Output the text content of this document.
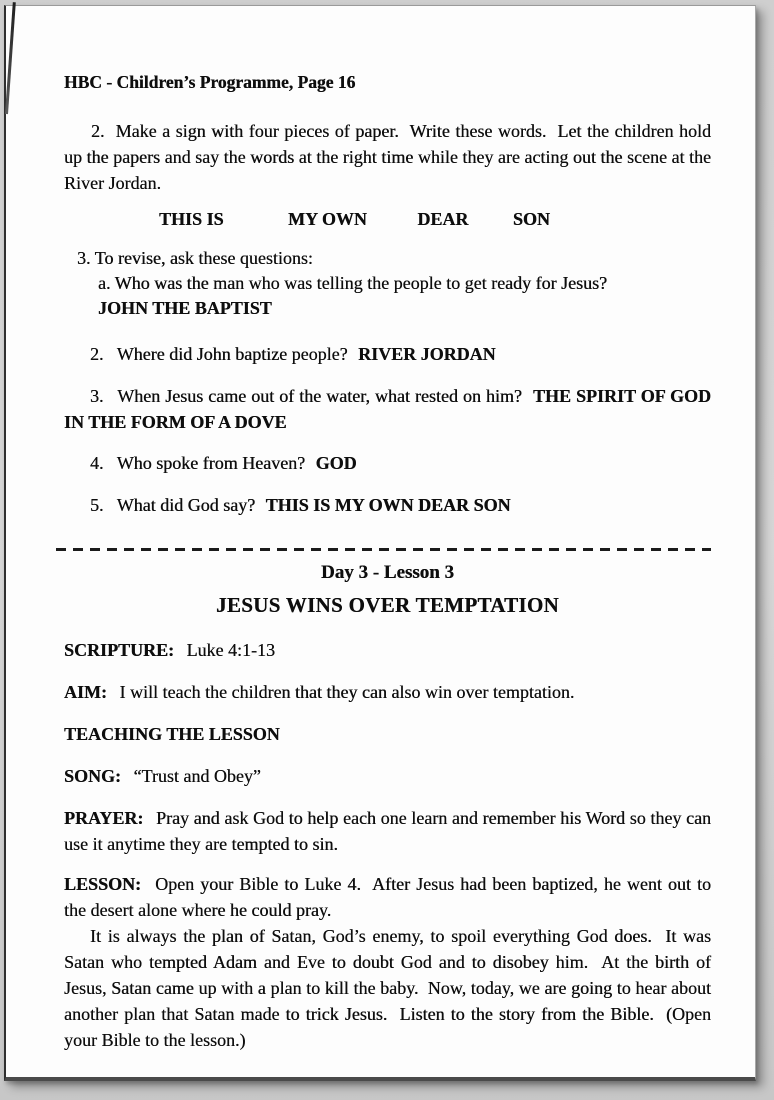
HBC - Children’s Programme, Page 16

2.  Make a sign with four pieces of paper.  Write these words.  Let the children hold up the papers and say the words at the right time while they are acting out the scene at the River Jordan.

THIS IS	MY OWN	DEAR SON

3. To revise, ask these questions:

a. Who was the man who was telling the people to get ready for Jesus?

JOHN THE BAPTIST

2. Where did John baptize people? RIVER JORDAN

3. When Jesus came out of the water, what rested on him? THE SPIRIT OF GOD IN THE FORM OF A DOVE

4. Who spoke from Heaven? GOD

5. What did God say? THIS IS MY OWN DEAR SON

Day 3 - Lesson 3
JESUS WINS OVER TEMPTATION

SCRIPTURE: Luke 4:1-13

AIM: I will teach the children that they can also win over temptation.

TEACHING THE LESSON

SONG: “Trust and Obey”

PRAYER: Pray and ask God to help each one learn and remember his Word so they can use it anytime they are tempted to sin.

LESSON: Open your Bible to Luke 4.  After Jesus had been baptized, he went out to the desert alone where he could pray.

It is always the plan of Satan, God’s enemy, to spoil everything God does.  It was Satan who tempted Adam and Eve to doubt God and to disobey him.  At the birth of Jesus, Satan came up with a plan to kill the baby.  Now, today, we are going to hear about another plan that Satan made to trick Jesus.  Listen to the story from the Bible.  (Open your Bible to the lesson.)
